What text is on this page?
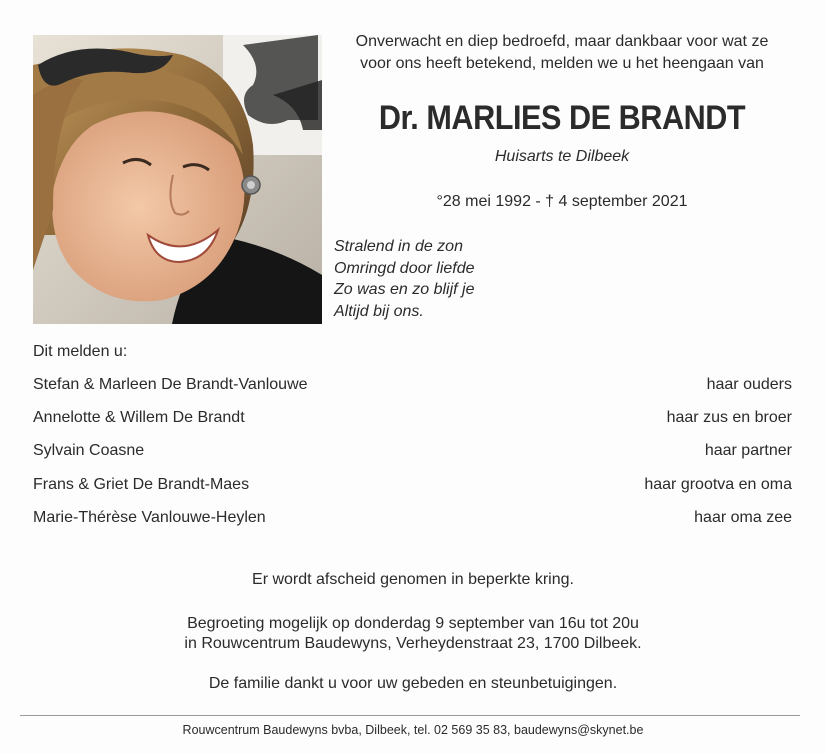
Onverwacht en diep bedroefd, maar dankbaar voor wat ze
voor ons heeft betekend, melden we u het heengaan van
Dr. MARLIES DE BRANDT
Huisarts te Dilbeek
°28 mei 1992 - † 4 september 2021
Stralend in de zon
Omringd door liefde
Zo was en zo blijf je
Altijd bij ons.
Dit melden u:
Stefan & Marleen De Brandt-Vanlouwe	haar ouders
Annelotte & Willem De Brandt	haar zus en broer
Sylvain Coasne	haar partner
Frans & Griet De Brandt-Maes	haar grootva en oma
Marie-Thérèse Vanlouwe-Heylen	haar oma zee
Er wordt afscheid genomen in beperkte kring.
Begroeting mogelijk op donderdag 9 september van 16u tot 20u
in Rouwcentrum Baudewyns, Verheydenstraat 23, 1700 Dilbeek.
De familie dankt u voor uw gebeden en steunbetuigingen.
Rouwcentrum Baudewyns bvba, Dilbeek, tel. 02 569 35 83, baudewyns@skynet.be
